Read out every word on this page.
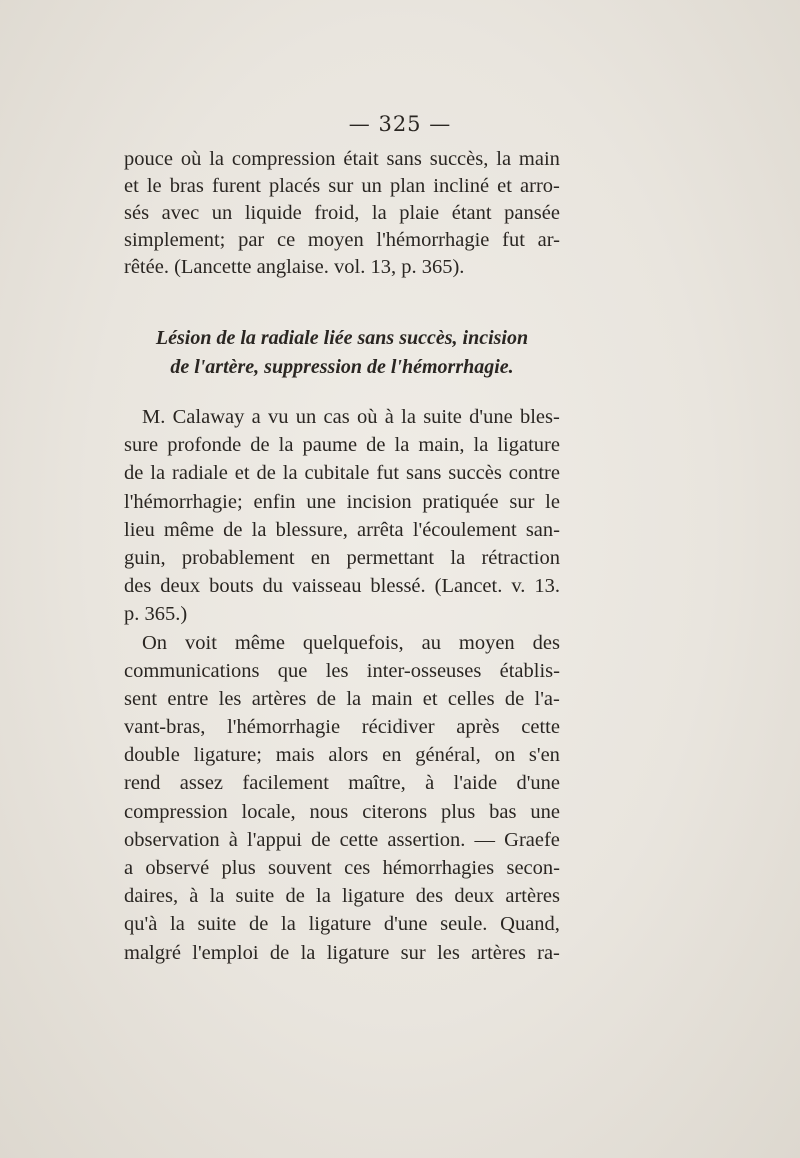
— 325 —
pouce où la compression était sans succès, la main
et le bras furent placés sur un plan incliné et arro-
sés avec un liquide froid, la plaie étant pansée
simplement; par ce moyen l'hémorrhagie fut ar-
rêtée. (Lancette anglaise. vol. 13, p. 365).
Lésion de la radiale liée sans succès, incision
de l'artère, suppression de l'hémorrhagie.
M. Calaway a vu un cas où à la suite d'une bles-
sure profonde de la paume de la main, la ligature
de la radiale et de la cubitale fut sans succès contre
l'hémorrhagie; enfin une incision pratiquée sur le
lieu même de la blessure, arrêta l'écoulement san-
guin, probablement en permettant la rétraction
des deux bouts du vaisseau blessé. (Lancet. v. 13.
p. 365.)
On voit même quelquefois, au moyen des
communications que les inter-osseuses établis-
sent entre les artères de la main et celles de l'a-
vant-bras, l'hémorrhagie récidiver après cette
double ligature; mais alors en général, on s'en
rend assez facilement maître, à l'aide d'une
compression locale, nous citerons plus bas une
observation à l'appui de cette assertion. — Graefe
a observé plus souvent ces hémorrhagies secon-
daires, à la suite de la ligature des deux artères
qu'à la suite de la ligature d'une seule. Quand,
malgré l'emploi de la ligature sur les artères ra-
